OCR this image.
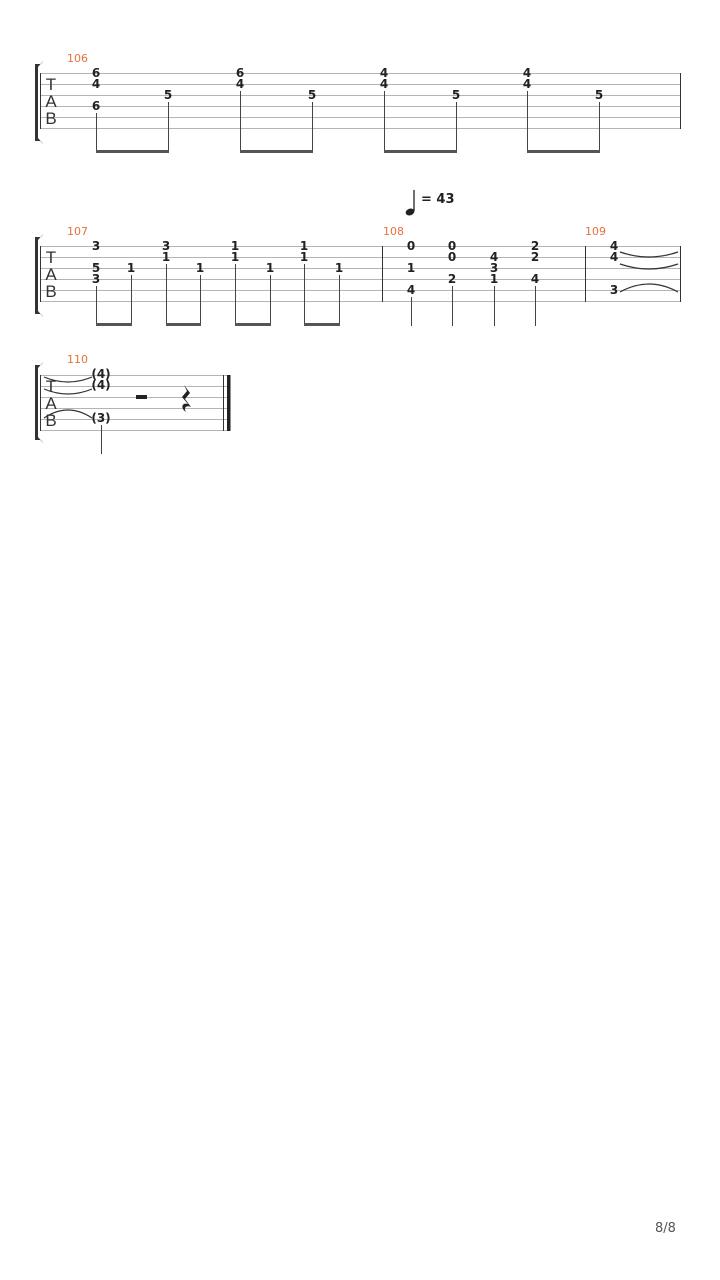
T
A
B
106
6
4
6
5
6
4
5
4
4
5
4
4
5
= 43
T
A
B
107	108	109
3
5
3
1
3
1
1
1
1
1
1
1
1
0
1
4
0
0
2
4
3
1
2
2
4
4
4
3
T
A
B
110
(4)
(4)
(3)
8/8
